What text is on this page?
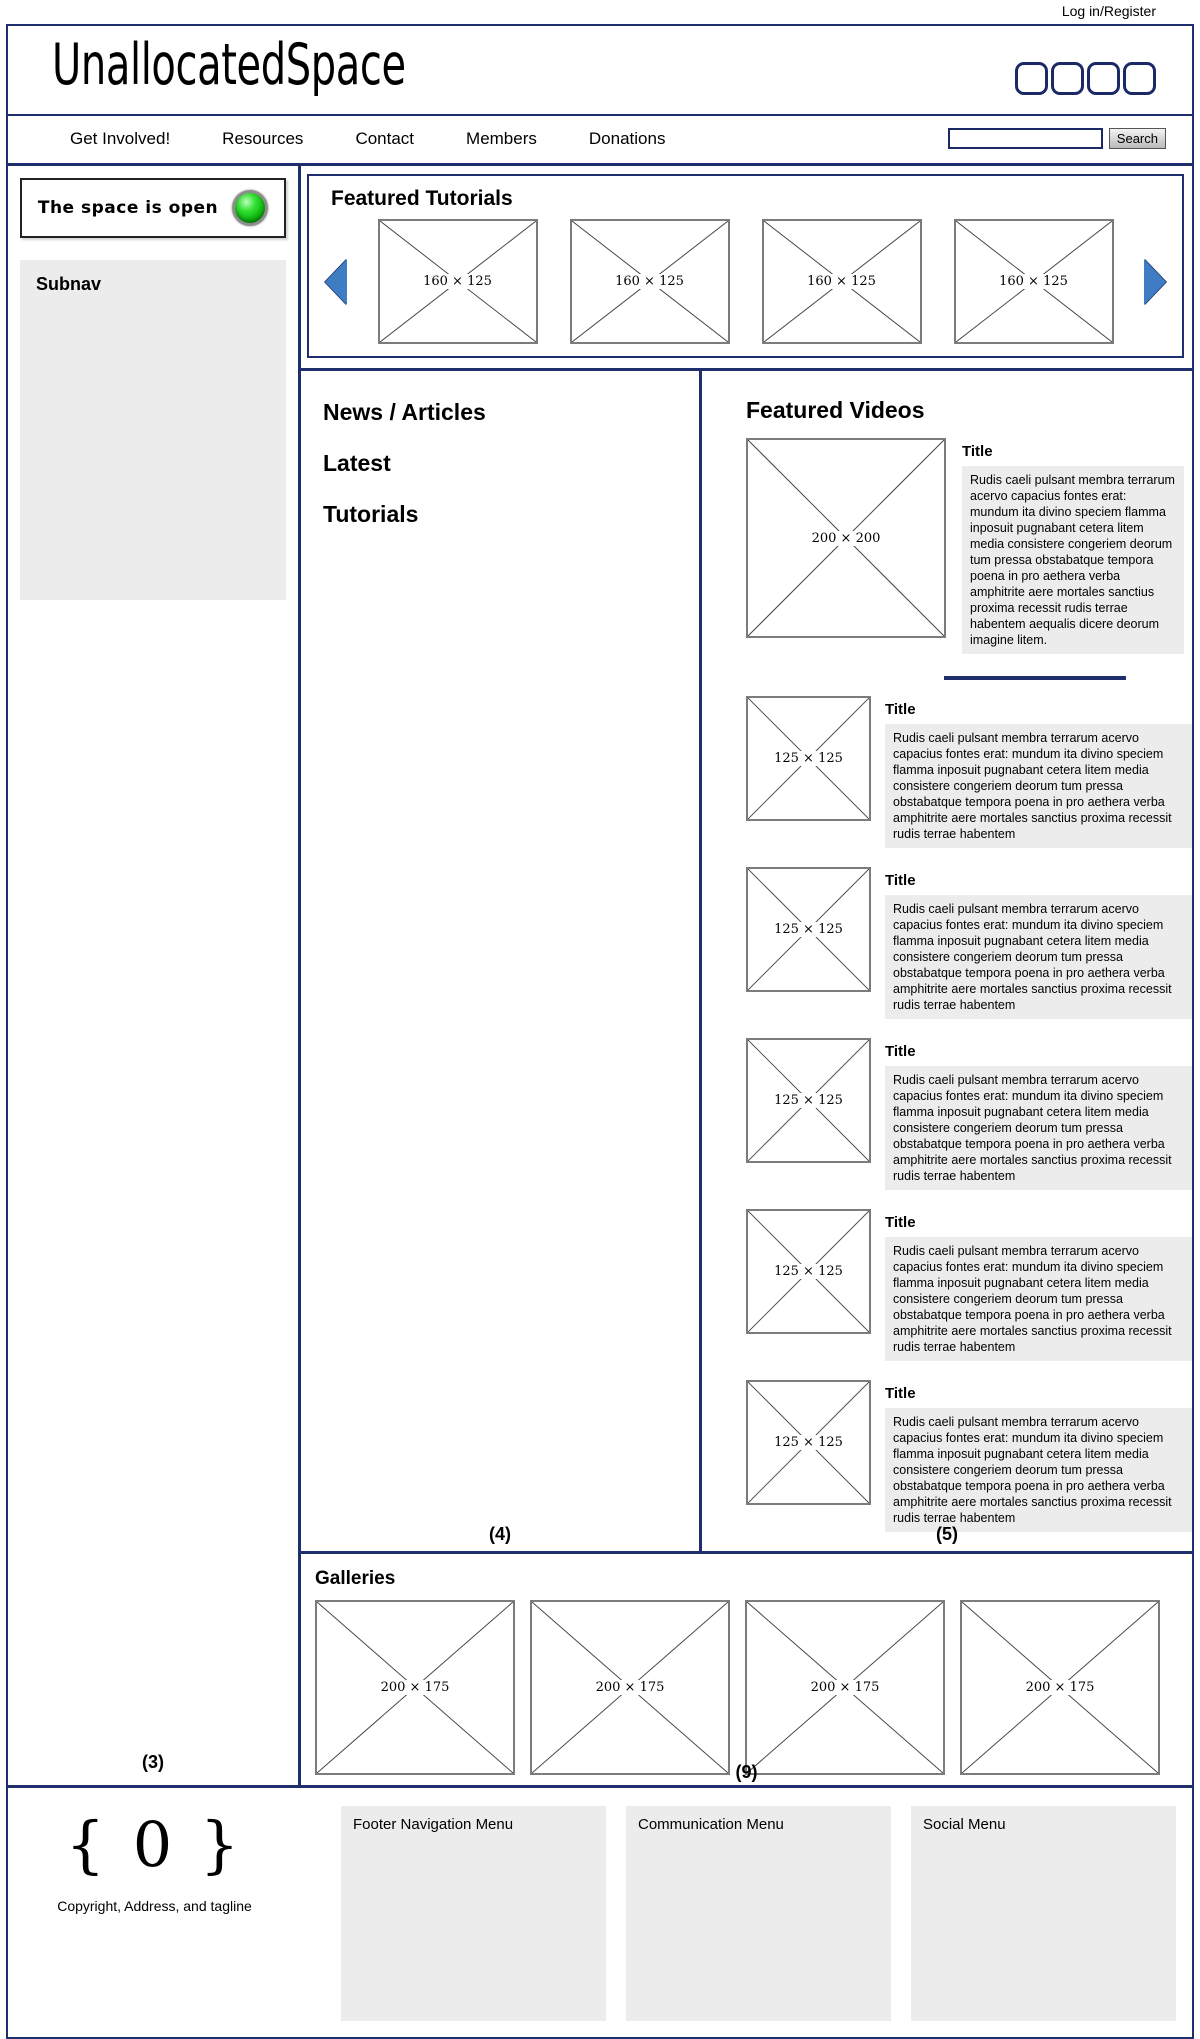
Log in/Register
UnallocatedSpace
Get Involved!	Resources	Contact	Members	Donations	Search
The space is open
Subnav
(3)
Featured Tutorials
160 × 125	160 × 125	160 × 125	160 × 125
News / Articles
Latest
Tutorials
(4)
Featured Videos
200 × 200
Title
Rudis caeli pulsant membra terrarum acervo capacius fontes erat: mundum ita divino speciem flamma inposuit pugnabant cetera litem media consistere congeriem deorum tum pressa obstabatque tempora poena in pro aethera verba amphitrite aere mortales sanctius proxima recessit rudis terrae habentem aequalis dicere deorum imagine litem.
125 × 125
Title
Rudis caeli pulsant membra terrarum acervo capacius fontes erat: mundum ita divino speciem flamma inposuit pugnabant cetera litem media consistere congeriem deorum tum pressa obstabatque tempora poena in pro aethera verba amphitrite aere mortales sanctius proxima recessit rudis terrae habentem
125 × 125
Title
Rudis caeli pulsant membra terrarum acervo capacius fontes erat: mundum ita divino speciem flamma inposuit pugnabant cetera litem media consistere congeriem deorum tum pressa obstabatque tempora poena in pro aethera verba amphitrite aere mortales sanctius proxima recessit rudis terrae habentem
125 × 125
Title
Rudis caeli pulsant membra terrarum acervo capacius fontes erat: mundum ita divino speciem flamma inposuit pugnabant cetera litem media consistere congeriem deorum tum pressa obstabatque tempora poena in pro aethera verba amphitrite aere mortales sanctius proxima recessit rudis terrae habentem
125 × 125
Title
Rudis caeli pulsant membra terrarum acervo capacius fontes erat: mundum ita divino speciem flamma inposuit pugnabant cetera litem media consistere congeriem deorum tum pressa obstabatque tempora poena in pro aethera verba amphitrite aere mortales sanctius proxima recessit rudis terrae habentem
125 × 125
Title
Rudis caeli pulsant membra terrarum acervo capacius fontes erat: mundum ita divino speciem flamma inposuit pugnabant cetera litem media consistere congeriem deorum tum pressa obstabatque tempora poena in pro aethera verba amphitrite aere mortales sanctius proxima recessit rudis terrae habentem
(5)
Galleries
200 × 175	200 × 175	200 × 175	200 × 175
(9)
{ 0 }
Copyright, Address, and tagline
Footer Navigation Menu	Communication Menu	Social Menu
